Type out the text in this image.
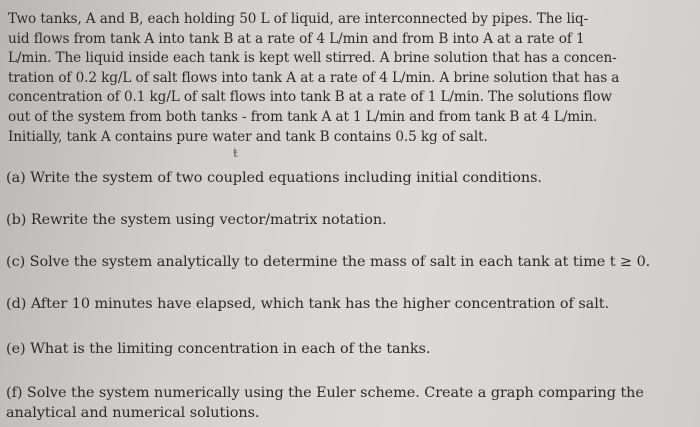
Two tanks, A and B, each holding 50 L of liquid, are interconnected by pipes. The liq-
uid flows from tank A into tank B at a rate of 4 L/min and from B into A at a rate of 1
L/min. The liquid inside each tank is kept well stirred. A brine solution that has a concen-
tration of 0.2 kg/L of salt flows into tank A at a rate of 4 L/min. A brine solution that has a
concentration of 0.1 kg/L of salt flows into tank B at a rate of 1 L/min. The solutions flow
out of the system from both tanks - from tank A at 1 L/min and from tank B at 4 L/min.
Initially, tank A contains pure water and tank B contains 0.5 kg of salt.

ŧ

(a) Write the system of two coupled equations including initial conditions.

(b) Rewrite the system using vector/matrix notation.

(c) Solve the system analytically to determine the mass of salt in each tank at time t ≥ 0.

(d) After 10 minutes have elapsed, which tank has the higher concentration of salt.

(e) What is the limiting concentration in each of the tanks.

(f) Solve the system numerically using the Euler scheme. Create a graph comparing the analytical and numerical solutions.
